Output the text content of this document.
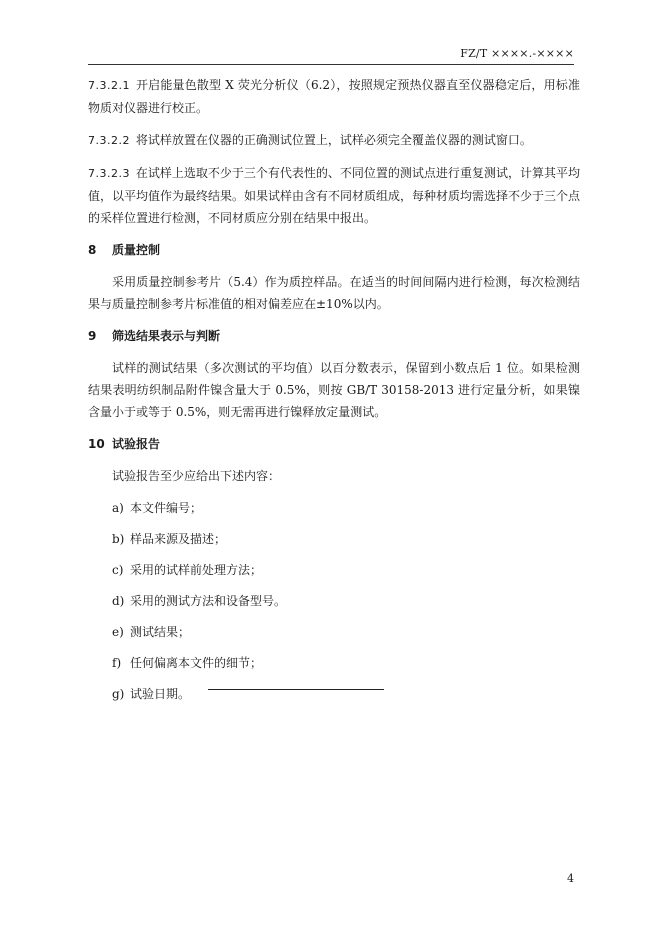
FZ/T ××××.-××××

7.3.2.1 开启能量色散型 X 荧光分析仪（6.2），按照规定预热仪器直至仪器稳定后，用标准物质对仪器进行校正。

7.3.2.2 将试样放置在仪器的正确测试位置上，试样必须完全覆盖仪器的测试窗口。

7.3.2.3 在试样上选取不少于三个有代表性的、不同位置的测试点进行重复测试，计算其平均值，以平均值作为最终结果。如果试样由含有不同材质组成，每种材质均需选择不少于三个点的采样位置进行检测，不同材质应分别在结果中报出。

8 质量控制

采用质量控制参考片（5.4）作为质控样品。在适当的时间间隔内进行检测，每次检测结果与质量控制参考片标准值的相对偏差应在±10%以内。

9 筛选结果表示与判断

试样的测试结果（多次测试的平均值）以百分数表示，保留到小数点后 1 位。如果检测结果表明纺织制品附件镍含量大于 0.5%，则按 GB/T 30158-2013 进行定量分析，如果镍含量小于或等于 0.5%，则无需再进行镍释放定量测试。

10 试验报告

试验报告至少应给出下述内容：

a) 本文件编号；
b) 样品来源及描述；
c) 采用的试样前处理方法；
d) 采用的测试方法和设备型号。
e) 测试结果；
f) 任何偏离本文件的细节；
g) 试验日期。
4
